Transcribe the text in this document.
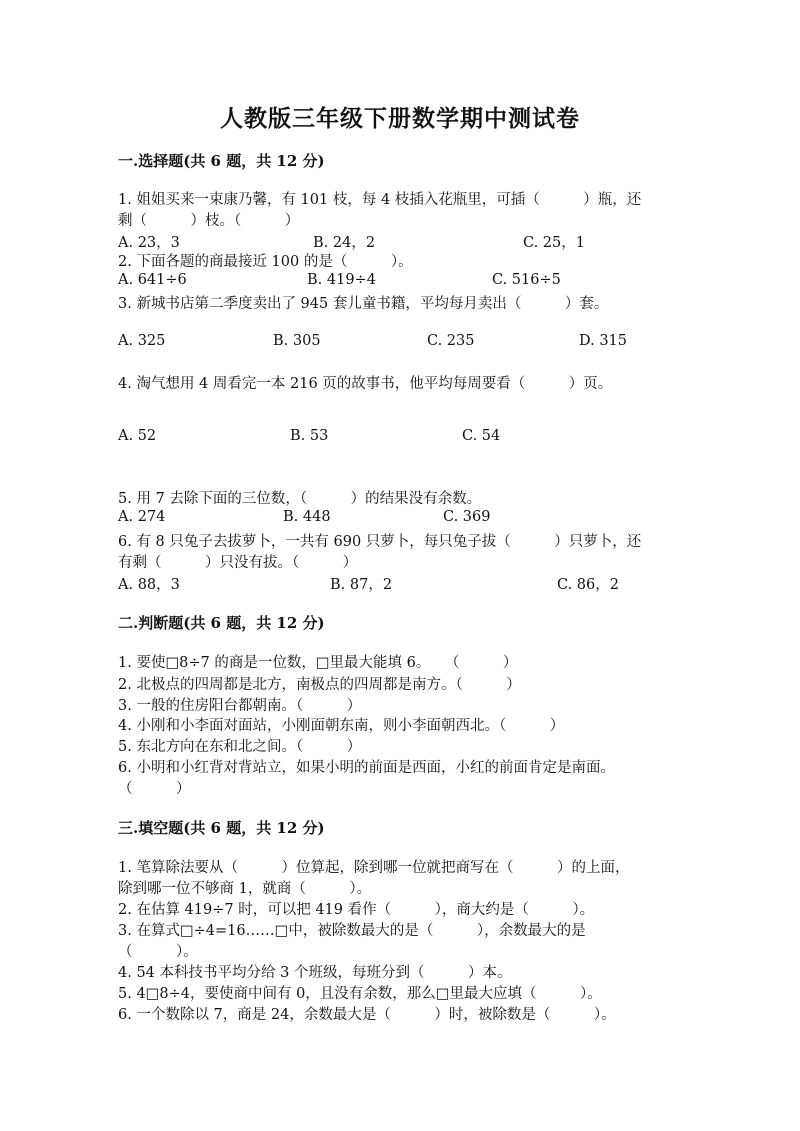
人教版三年级下册数学期中测试卷
一.选择题(共 6 题，共 12 分)
1. 姐姐买来一束康乃馨，有 101 枝，每 4 枝插入花瓶里，可插（　　　）瓶，还
剩（　　　）枝。（　　　）
A. 23，3	B. 24，2	C. 25，1
2. 下面各题的商最接近 100 的是（　　　）。
A. 641÷6	B. 419÷4	C. 516÷5
3. 新城书店第二季度卖出了 945 套儿童书籍，平均每月卖出（　　　）套。
A. 325	B. 305	C. 235	D. 315
4. 淘气想用 4 周看完一本 216 页的故事书，他平均每周要看（　　　）页。
A. 52	B. 53	C. 54
5. 用 7 去除下面的三位数，（　　　）的结果没有余数。
A. 274	B. 448	C. 369
6. 有 8 只兔子去拔萝卜，一共有 690 只萝卜，每只兔子拔（　　　）只萝卜，还
有剩（　　　）只没有拔。（　　　）
A. 88，3	B. 87，2	C. 86，2
二.判断题(共 6 题，共 12 分)
1. 要使□8÷7 的商是一位数，□里最大能填 6。　　（　　　）
2. 北极点的四周都是北方，南极点的四周都是南方。（　　　）
3. 一般的住房阳台都朝南。（　　　）
4. 小刚和小李面对面站，小刚面朝东南，则小李面朝西北。（　　　）
5. 东北方向在东和北之间。（　　　）
6. 小明和小红背对背站立，如果小明的前面是西面，小红的前面肯定是南面。
（　　　）
三.填空题(共 6 题，共 12 分)
1. 笔算除法要从（　　　）位算起，除到哪一位就把商写在（　　　）的上面，
除到哪一位不够商 1，就商（　　　）。
2. 在估算 419÷7 时，可以把 419 看作（　　　），商大约是（　　　）。
3. 在算式□÷4=16……□中，被除数最大的是（　　　），余数最大的是
（　　　）。
4. 54 本科技书平均分给 3 个班级，每班分到（　　　）本。
5. 4□8÷4，要使商中间有 0，且没有余数，那么□里最大应填（　　　）。
6. 一个数除以 7，商是 24，余数最大是（　　　）时，被除数是（　　　）。
